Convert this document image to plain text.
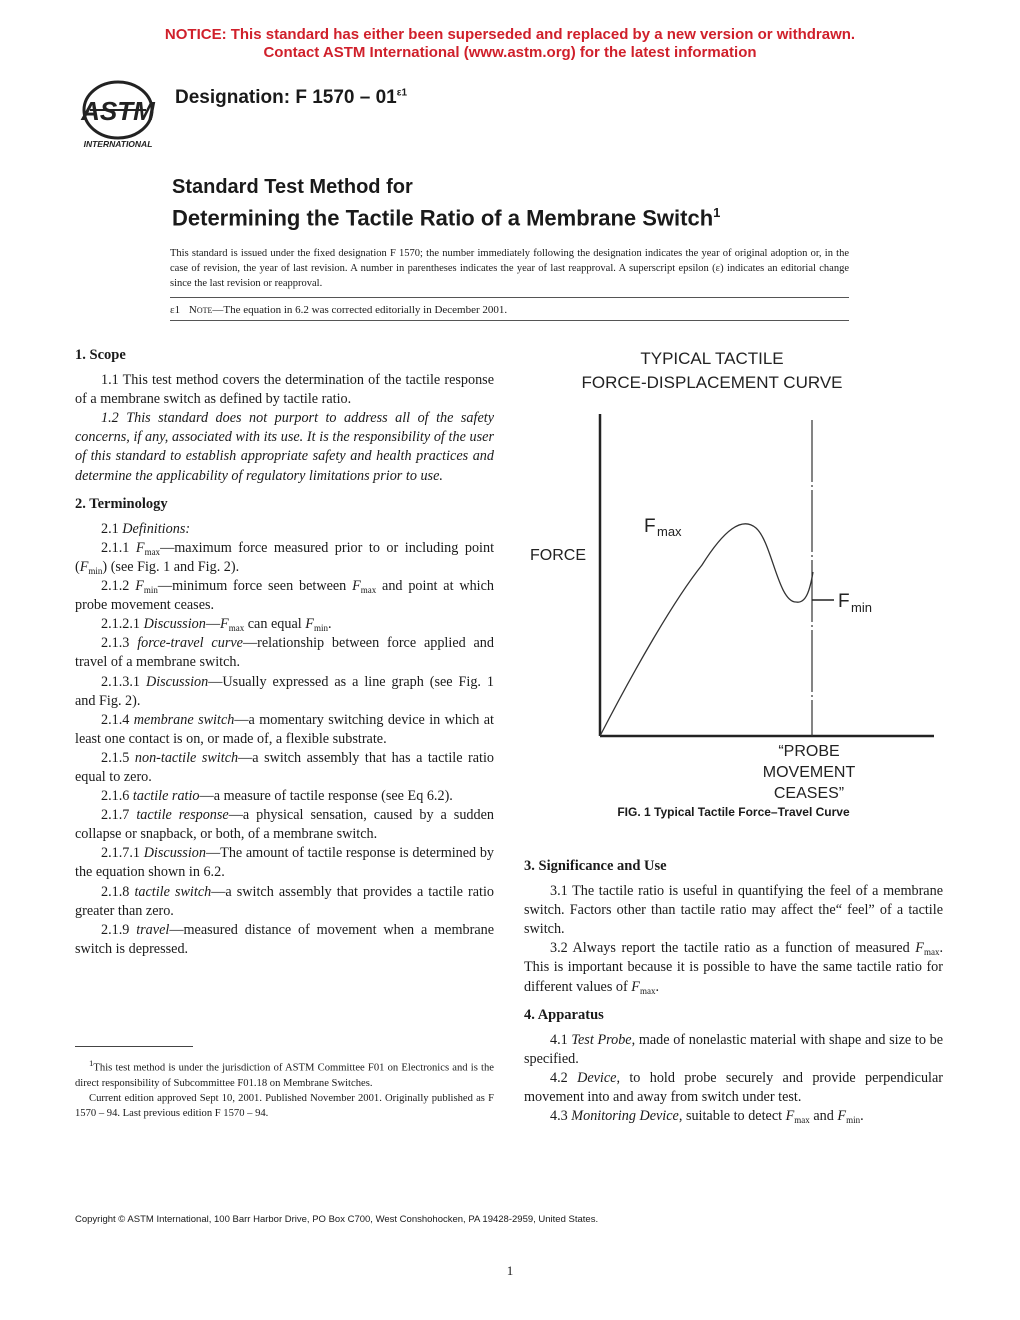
NOTICE: This standard has either been superseded and replaced by a new version or withdrawn.
Contact ASTM International (www.astm.org) for the latest information
ASTM
INTERNATIONAL
Designation: F $1570 - 01^{\varepsilon 1}$
Standard Test Method for
Determining the Tactile Ratio of a Membrane Switch$^1$
This standard is issued under the fixed designation F 1570; the number immediately following the designation indicates the year of original adoption or, in the case of revision, the year of last revision. A number in parentheses indicates the year of last reapproval. A superscript epsilon (ε) indicates an editorial change since the last revision or reapproval.
ε1 Note—The equation in 6.2 was corrected editorially in December 2001.

1. Scope

1.1 This test method covers the determination of the tactile response of a membrane switch as defined by tactile ratio.

1.2 This standard does not purport to address all of the safety concerns, if any, associated with its use. It is the responsibility of the user of this standard to establish appropriate safety and health practices and determine the applicability of regulatory limitations prior to use.

2. Terminology

2.1 Definitions:

2.1.1 $F_{max}—maximum$ force measured prior to or including point $(F_{min})$ (see Fig. 1 and Fig. 2).

2.1.2 $F_{min}—minimum$ force seen between $F_{max}$ and point at which probe movement ceases.

2.1.2.1 $Discussion—F_{max}$ can equal $F_{min}$.

2.1.3 force-travel curve—relationship between force applied and travel of a membrane switch.

2.1.3.1 Discussion—Usually expressed as a line graph (see Fig. 1 and Fig. 2).

2.1.4 membrane switch—a momentary switching device in which at least one contact is on, or made of, a flexible substrate.

2.1.5 non-tactile switch—a switch assembly that has a tactile ratio equal to zero.

2.1.6 tactile ratio—a measure of tactile response (see Eq 6.2).

2.1.7 tactile response—a physical sensation, caused by a sudden collapse or snapback, or both, of a membrane switch.

2.1.7.1 Discussion—The amount of tactile response is determined by the equation shown in 6.2.

2.1.8 tactile switch—a switch assembly that provides a tactile ratio greater than zero.

2.1.9 travel—measured distance of movement when a membrane switch is depressed.

$^1$This test method is under the jurisdiction of ASTM Committee F01 on Electronics and is the direct responsibility of Subcommittee F01.18 on Membrane Switches.

Current edition approved Sept 10, 2001. Published November 2001. Originally published as F 1570 – 94. Last previous edition F 1570 – 94.

TYPICAL TACTILE
FORCE-DISPLACEMENT CURVE
FORCE
F max
F min
“PROBE
MOVEMENT
CEASES”
FIG. 1 Typical Tactile Force–Travel Curve

3. Significance and Use

3.1 The tactile ratio is useful in quantifying the feel of a membrane switch. Factors other than tactile ratio may affect the“ feel” of a tactile switch.

3.2 Always report the tactile ratio as a function of measured $F_{max}$. This is important because it is possible to have the same tactile ratio for different values of $F_{max}$.

4. Apparatus

4.1 Test Probe, made of nonelastic material with shape and size to be specified.

4.2 Device, to hold probe securely and provide perpendicular movement into and away from switch under test.

4.3 Monitoring Device, suitable to detect $F_{max}$ and $F_{min}$.

Copyright © ASTM International, 100 Barr Harbor Drive, PO Box C700, West Conshohocken, PA 19428-2959, United States.
1
